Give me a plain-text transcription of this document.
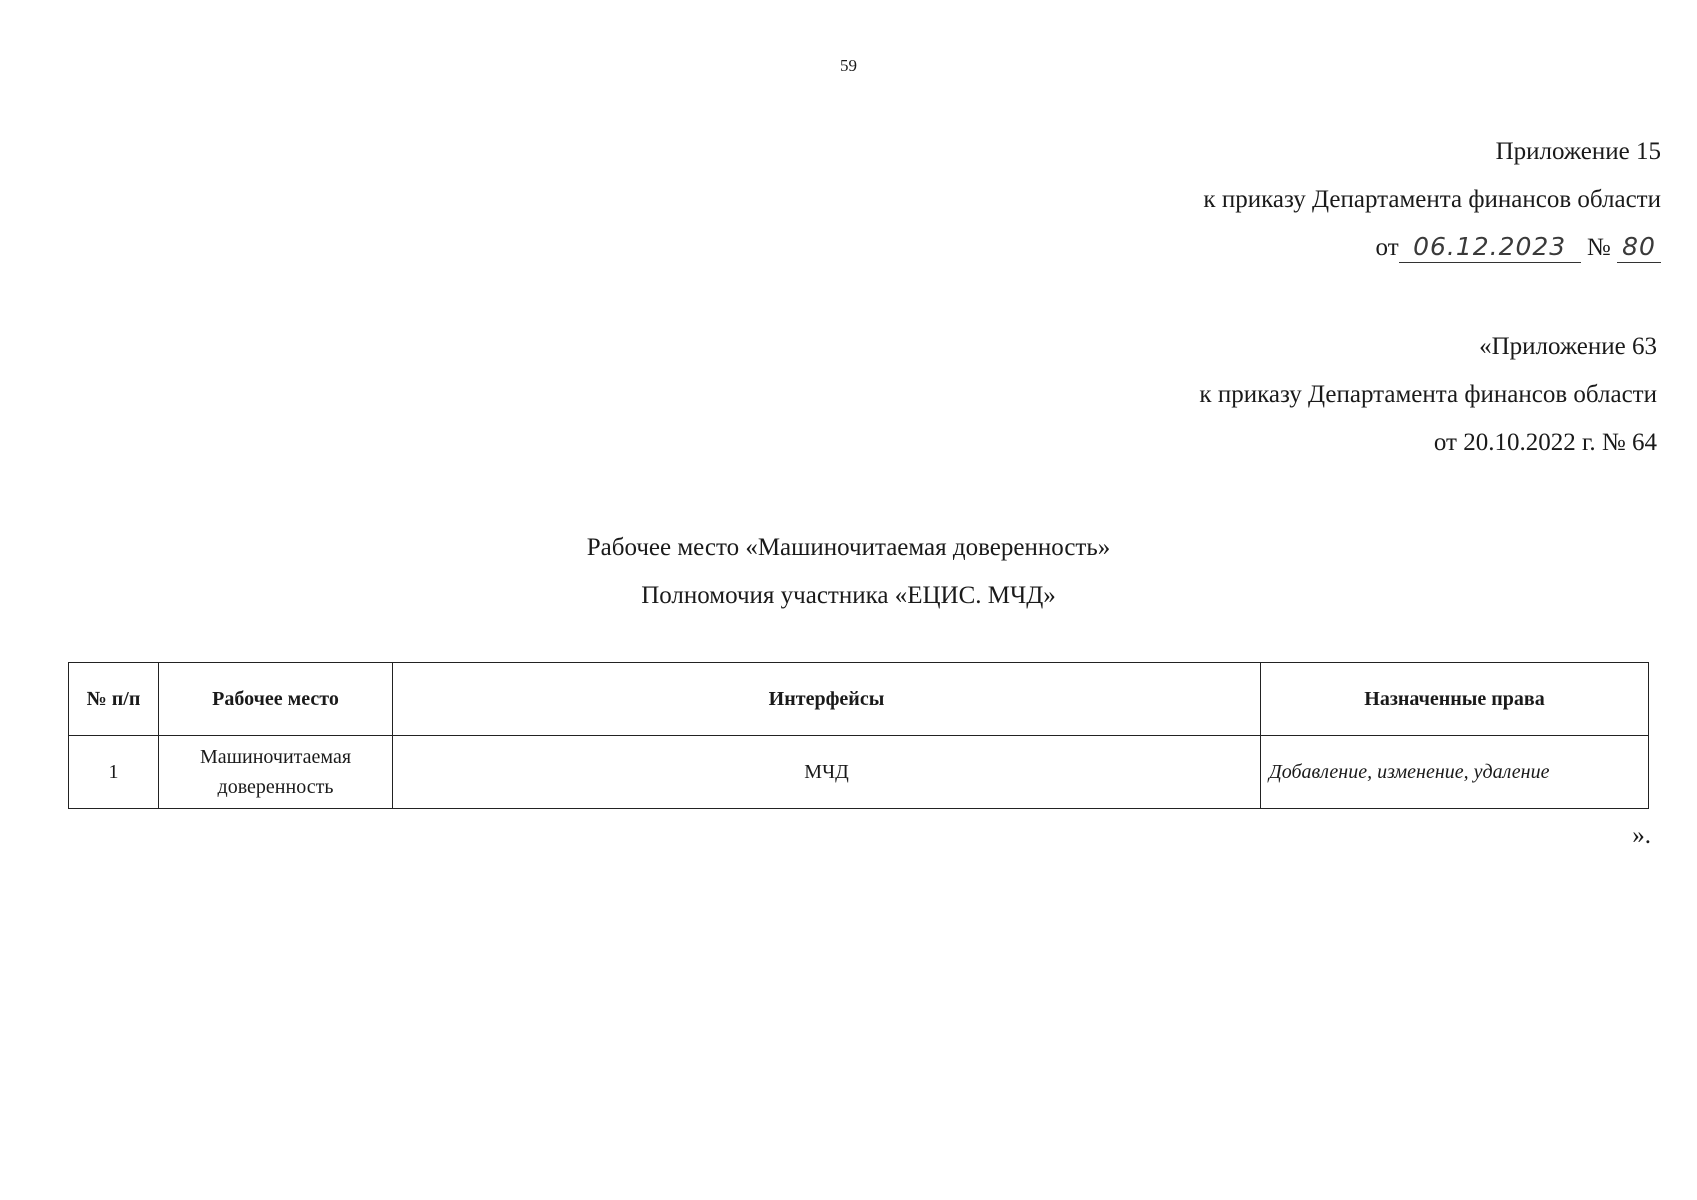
59
Приложение 15
к приказу Департамента финансов области
от 06.12.2023 № 80
«Приложение 63
к приказу Департамента финансов области
от 20.10.2022 г. № 64
Рабочее место «Машиночитаемая доверенность»
Полномочия участника «ЕЦИС. МЧД»
№ п/п	Рабочее место	Интерфейсы	Назначенные права
1	Машиночитаемая доверенность	МЧД	Добавление, изменение, удаление
».
